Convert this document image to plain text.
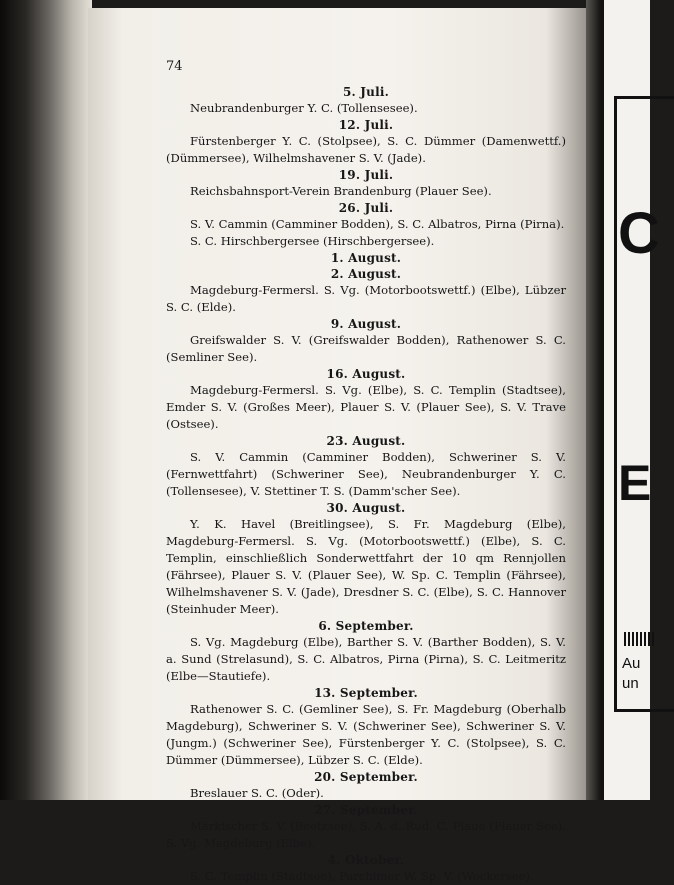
74

5. Juli.

Neubrandenburger Y. C. (Tollensesee).

12. Juli.

Fürstenberger Y. C. (Stolpsee), S. C. Dümmer (Damenwettf.) (Dümmersee), Wilhelmshavener S. V. (Jade).

19. Juli.

Reichsbahnsport-Verein Brandenburg (Plauer See).

26. Juli.

S. V. Cammin (Camminer Bodden), S. C. Albatros, Pirna (Pirna).

S. C. Hirschbergersee (Hirschbergersee).

1. August.

2. August.

Magdeburg-Fermersl. S. Vg. (Motorbootswettf.) (Elbe), Lübzer S. C. (Elde).

9. August.

Greifswalder S. V. (Greifswalder Bodden), Rathenower S. C. (Semliner See).

16. August.

Magdeburg-Fermersl. S. Vg. (Elbe), S. C. Templin (Stadtsee), Emder S. V. (Großes Meer), Plauer S. V. (Plauer See), S. V. Trave (Ostsee).

23. August.

S. V. Cammin (Camminer Bodden), Schweriner S. V. (Fernwettfahrt) (Schweriner See), Neubrandenburger Y. C. (Tollensesee), V. Stettiner T. S. (Damm'scher See).

30. August.

Y. K. Havel (Breitlingsee), S. Fr. Magdeburg (Elbe), Magdeburg-Fermersl. S. Vg. (Motorbootswettf.) (Elbe), S. C. Templin, einschließlich Sonderwettfahrt der 10 qm Rennjollen (Fährsee), Plauer S. V. (Plauer See), W. Sp. C. Templin (Fährsee), Wilhelmshavener S. V. (Jade), Dresdner S. C. (Elbe), S. C. Hannover (Steinhuder Meer).

6. September.

S. Vg. Magdeburg (Elbe), Barther S. V. (Barther Bodden), S. V. a. Sund (Strelasund), S. C. Albatros, Pirna (Pirna), S. C. Leitmeritz (Elbe—Stautiefe).

13. September.

Rathenower S. C. (Gemliner See), S. Fr. Magdeburg (Oberhalb Magdeburg), Schweriner S. V. (Schweriner See), Schweriner S. V. (Jungm.) (Schweriner See), Fürstenberger Y. C. (Stolpsee), S. C. Dümmer (Dümmersee), Lübzer S. C. (Elde).

20. September.

Breslauer S. C. (Oder).

27. September.

Märkischer S. V. (Beetzsee), S. A. d. Rud. C. Plaue (Plauer See), S. Vg. Magdeburg (Elbe).

4. Oktober.

S. C. Templin (Stadtsee), Parchimer W. Sp. V. (Wockersee).

C
E
Au
un
